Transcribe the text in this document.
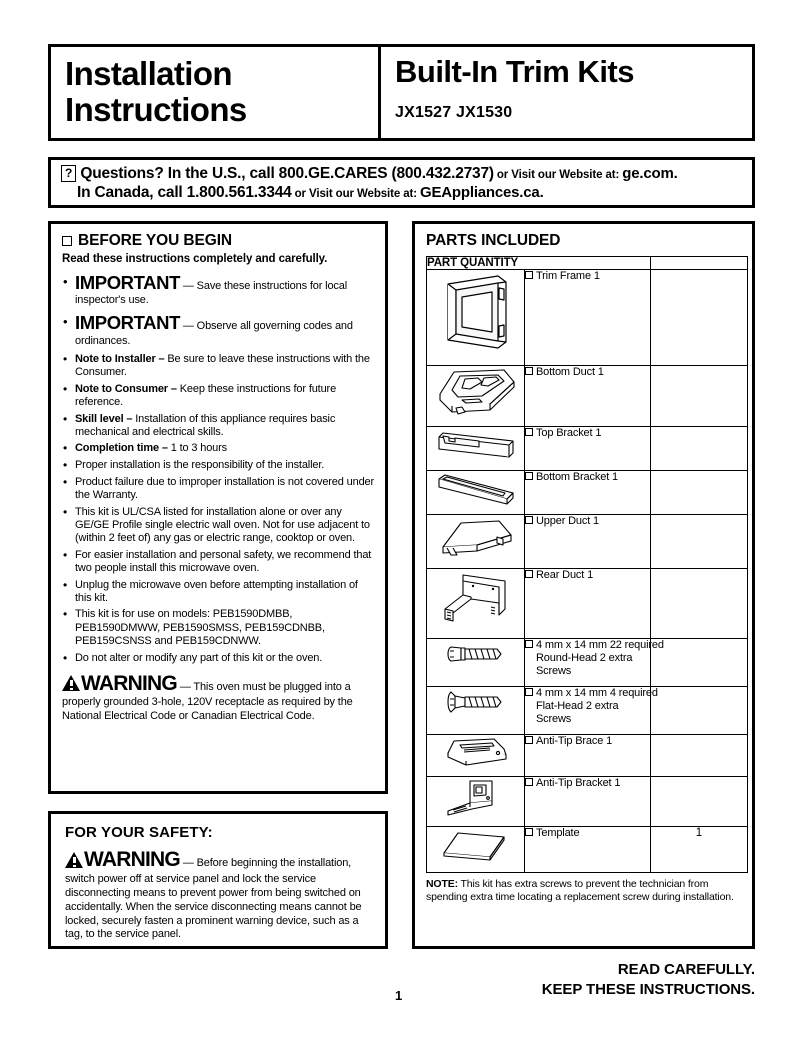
Installation
Instructions
Built-In Trim Kits
JX1527 JX1530
? Questions? In the U.S., call 800.GE.CARES (800.432.2737) or Visit our Website at: ge.com.
In Canada, call 1.800.561.3344 or Visit our Website at: GEAppliances.ca.
BEFORE YOU BEGIN
Read these instructions completely and carefully.
• IMPORTANT — Save these instructions for local inspector's use.
• IMPORTANT — Observe all governing codes and ordinances.
• Note to Installer – Be sure to leave these instructions with the Consumer.
• Note to Consumer – Keep these instructions for future reference.
• Skill level – Installation of this appliance requires basic mechanical and electrical skills.
• Completion time – 1 to 3 hours
• Proper installation is the responsibility of the installer.
• Product failure due to improper installation is not covered under the Warranty.
• This kit is UL/CSA listed for installation alone or over any GE/GE Profile single electric wall oven. Not for use adjacent to (within 2 feet of) any gas or electric range, cooktop or oven.
• For easier installation and personal safety, we recommend that two people install this microwave oven.
• Unplug the microwave oven before attempting installation of this kit.
• This kit is for use on models: PEB1590DMBB, PEB1590DMWW, PEB1590SMSS, PEB159CDNBB, PEB159CSNSS and PEB159CDNWW.
• Do not alter or modify any part of this kit or the oven.
WARNING — This oven must be plugged into a properly grounded 3-hole, 120V receptacle as required by the National Electrical Code or Canadian Electrical Code.
FOR YOUR SAFETY:
WARNING — Before beginning the installation, switch power off at service panel and lock the service disconnecting means to prevent power from being switched on accidentally. When the service disconnecting means cannot be locked, securely fasten a prominent warning device, such as a tag, to the service panel.
PARTS INCLUDED
PART QUANTITY		

	Trim Frame 1	

	Bottom Duct 1	

	Top Bracket 1	

	Bottom Bracket 1	

	Upper Duct 1	

	Rear Duct 1	

	4 mm x 14 mm 22 required
Round-Head 2 extra
Screws	

	4 mm x 14 mm 4 required
Flat-Head 2 extra
Screws	

	Anti-Tip Brace 1	

	Anti-Tip Bracket 1	

	Template	1
NOTE: This kit has extra screws to prevent the technician from spending extra time locating a replacement screw during installation.
1
READ CAREFULLY.
KEEP THESE INSTRUCTIONS.
